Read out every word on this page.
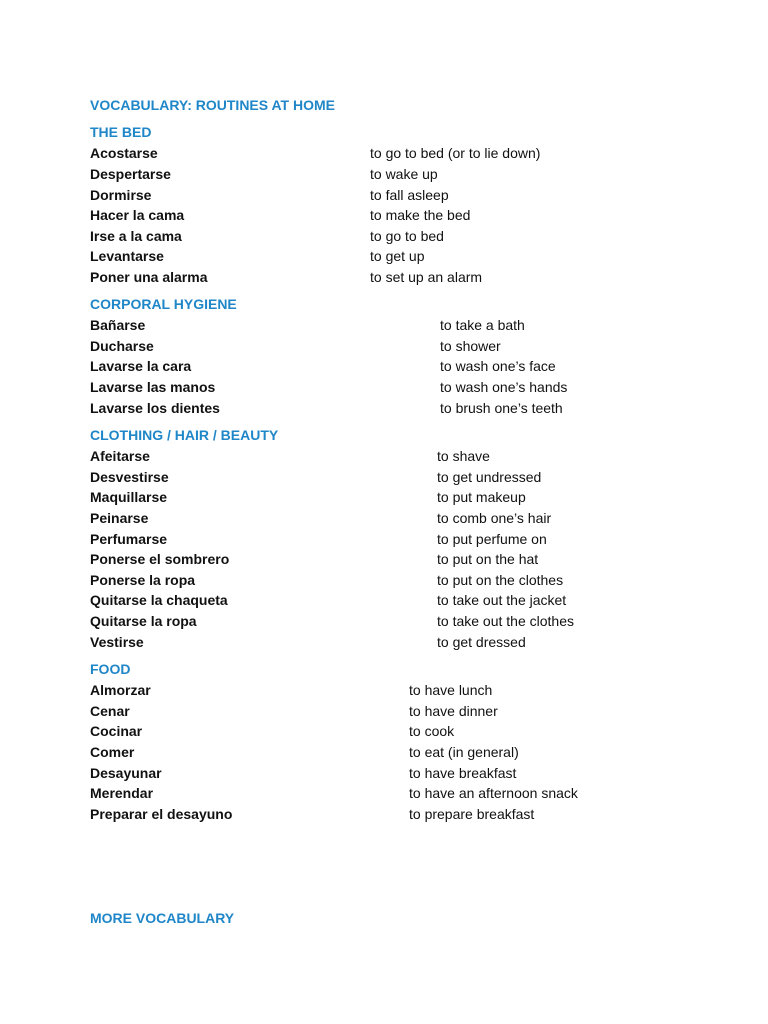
VOCABULARY: ROUTINES AT HOME
THE BED
Acostarse	to go to bed (or to lie down)
Despertarse	to wake up
Dormirse	to fall asleep
Hacer la cama	to make the bed
Irse a la cama	to go to bed
Levantarse	to get up
Poner una alarma	to set up an alarm
CORPORAL HYGIENE
Bañarse	to take a bath
Ducharse	to shower
Lavarse la cara	to wash one’s face
Lavarse las manos	to wash one’s hands
Lavarse los dientes	to brush one’s teeth
CLOTHING / HAIR / BEAUTY
Afeitarse	to shave
Desvestirse	to get undressed
Maquillarse	to put makeup
Peinarse	to comb one’s hair
Perfumarse	to put perfume on
Ponerse el sombrero	to put on the hat
Ponerse la ropa	to put on the clothes
Quitarse la chaqueta	to take out the jacket
Quitarse la ropa	to take out the clothes
Vestirse	to get dressed
FOOD
Almorzar	to have lunch
Cenar	to have dinner
Cocinar	to cook
Comer	to eat (in general)
Desayunar	to have breakfast
Merendar	to have an afternoon snack
Preparar el desayuno	to prepare breakfast
MORE VOCABULARY
